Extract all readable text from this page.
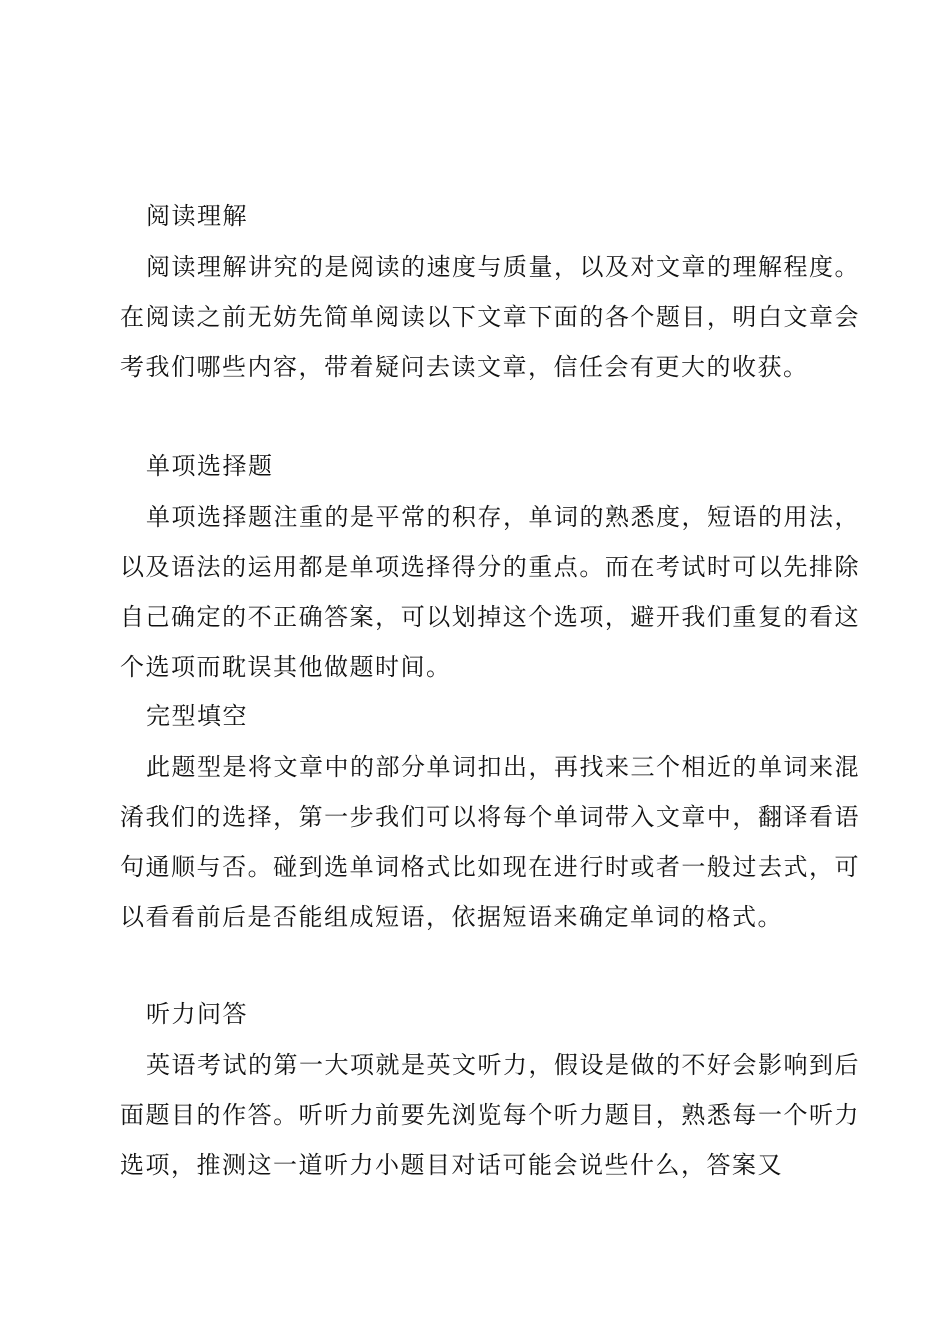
阅读理解

阅读理解讲究的是阅读的速度与质量，以及对文章的理解程度。在阅读之前无妨先简单阅读以下文章下面的各个题目，明白文章会考我们哪些内容，带着疑问去读文章，信任会有更大的收获。

单项选择题

单项选择题注重的是平常的积存，单词的熟悉度，短语的用法，以及语法的运用都是单项选择得分的重点。而在考试时可以先排除自己确定的不正确答案，可以划掉这个选项，避开我们重复的看这个选项而耽误其他做题时间。

完型填空

此题型是将文章中的部分单词扣出，再找来三个相近的单词来混淆我们的选择，第一步我们可以将每个单词带入文章中，翻译看语句通顺与否。碰到选单词格式比如现在进行时或者一般过去式，可以看看前后是否能组成短语，依据短语来确定单词的格式。

听力问答

英语考试的第一大项就是英文听力，假设是做的不好会影响到后面题目的作答。听听力前要先浏览每个听力题目，熟悉每一个听力选项，推测这一道听力小题目对话可能会说些什么，答案又
